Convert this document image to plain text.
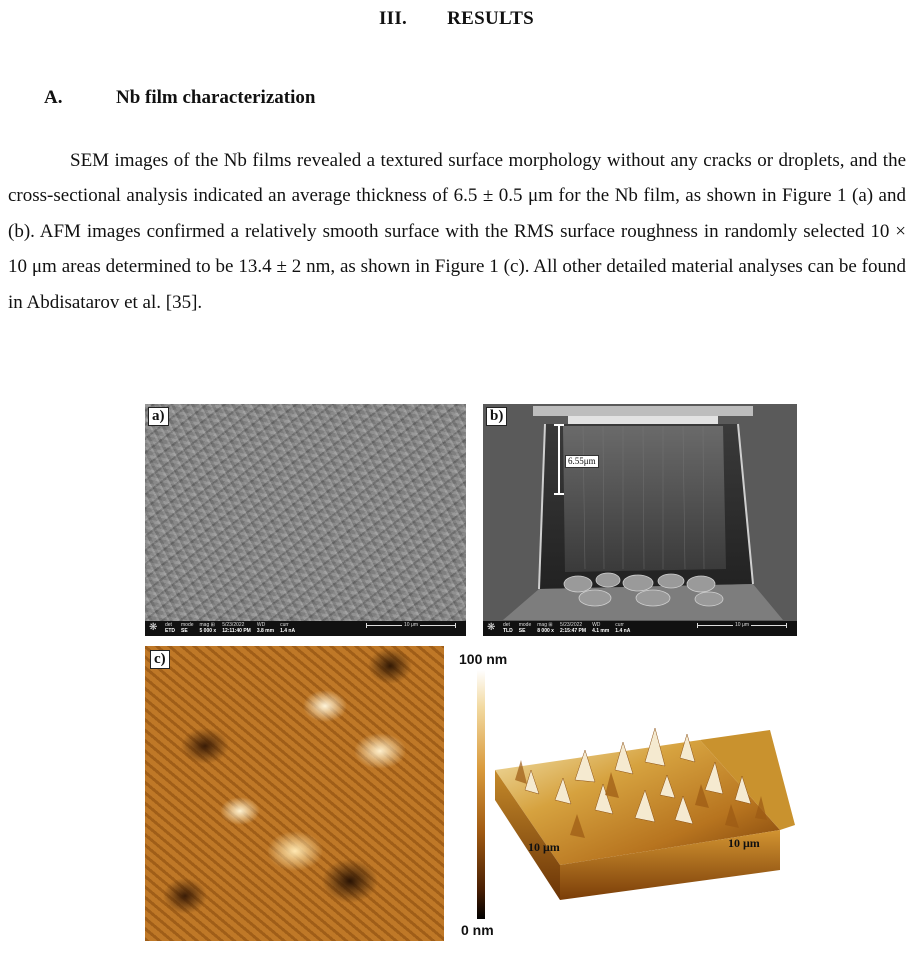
III. RESULTS
A.	Nb film characterization

SEM images of the Nb films revealed a textured surface morphology without any cracks or droplets, and the cross-sectional analysis indicated an average thickness of 6.5 ± 0.5 μm for the Nb film, as shown in Figure 1 (a) and (b). AFM images confirmed a relatively smooth surface with the RMS surface roughness in randomly selected 10 × 10 μm areas determined to be 13.4 ± 2 nm, as shown in Figure 1 (c). All other detailed material analyses can be found in Abdisatarov et al. [35].

a)
❋ det
ETD
mode
SE
mag ⊞
5 000 x
5/23/2022
12:11:40 PM
WD
3.8 mm
curr
1.4 nA
10 μm
b)
6.55μm
❋ det
TLD
mode
SE
mag ⊞
8 000 x
5/23/2022
2:15:47 PM
WD
4.1 mm
curr
1.4 nA
10 μm
c)	100 nm
0 nm
10 μm	10 μm
